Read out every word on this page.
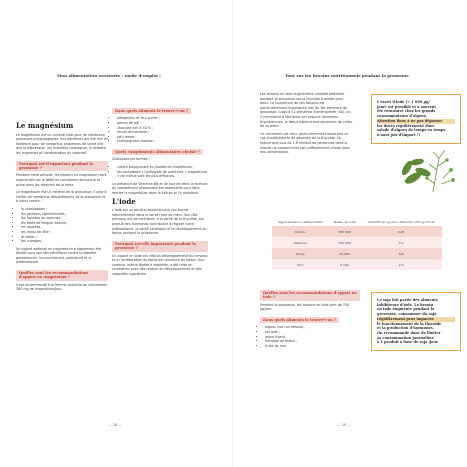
Mon alimentation encréatée : mode d'emploi !
Le magnésium

Le magnésium est un minéral vital pour de nombreux processus physiologiques. Ses bénéfices ont été mis en évidence pour de nombreux problèmes de santé tels que la dépression, les maladies cardiaques, le diabète, les migraines et l'amélioration du sommeil.

Pourquoi est-il important pendant la grossesse ?

Pendant cette période, les besoins en magnésium sont augmentés car le bébé en consomme beaucoup et puise dans les réserves de la mère.

Le magnésium est LE minéral de la grossesse, il aide à limiter de nombreux désagréments de la grossesse et à lutter contre :

• la constipation ;
• les douleurs ligamentaires ;
• les troubles du sommeil ;
• les états de fatigue intense ;
• les nausées ;
• les maux de tête ;
• le stress ;
• les crampes.

Un apport adéquat en magnésium a également été étudié pour son rôle bénéfique contre le diabète gestationnel, l'accouchement prématuré et la prééclampsie.

Quelles sont les recommandations d'apport en magnésium ?

Il est recommandé à la femme enceinte de consommer 300 mg de magnésium/jour.

Dans quels aliments le trouve-t-on ?
• oléagineux et leur purée ;
• germe de blé ;
• chocolat noir à 70 % ;
• levure alimentaire ;
• tofu ferme ;
• champignons chaman.
Quels compléments alimentaires choisir ?

Choisissez-les formes :

• citrate bisglycinate ou malate de magnésium ;
• les complexes « hydrolysat de protéines » magnésium » car mieux sont les plus efficaces.

La présence de Vitamine B6 et de taurine dans la formule du complément alimentaire est essentielle pour faire rentrer le magnésium dans la cellule et l'y maintenir.

L'iode

L'iode est un minéral essentiel que l'on trouve naturellement dans le sol et l'eau de mers. Son rôle principal est de contribuer à la santé de la thyroïde, qui produit des hormones contribuant à réguler notre métabolisme, la santé cardiaque et le développement du fœtus pendant la grossesse.

Pourquoi est-elle importante pendant la grossesse ?

Un apport en iode est vital au développement du cerveau et à l'amélioration du poids de naissance du fœtus. Une carence, même légère à modérée, a été mise en corrélation avec des retards du développement et des capacités cognitives.

— 28 —
Tout sur les besoins nutritionnels pendant la grossesse

Les besoins en iode augmentent considérablement pendant la grossesse car la thyroïde travaille pour deux. La couverture de ces besoins est particulièrement importante lors du 1er trimestre de grossesse, jusqu'à 12 semaines d'aménorrhée (SA), où il commence à fabriquer ses propres hormones thyroïdiennes, le fœtus dépend exclusivement de celles de sa mère.

Ce cutrement est donc particulièrement important en cas d'antécédents de désordre de la thyroïde. On estime que plus de 1,8 milliard de personnes dans le monde ne consomment pas suffisamment d'iode dans leur alimentation.

L'excès d'iode (> 1 000 µg/
jour) est possible et a souvent
été rencontré chez les grands
consommateurs d'algues.
Attention donc à ne pas dépasser
les doses régulièrement dans
salade d'algues de temps en temps
n'aura pas d'impact !)
Algue séchée ou déshydratée	Teneur en iode	Quantité (en g) pour atteindre 150 µg d'iode
Kombu	300 000	0,05
Wakame	150 000	0,1
Dulse	33 000	0,6
Nori	5 100	2,9
Quelles sont les recommandations d'apport en iode ?

Pendant la grossesse, les besoins en iode sont de 250 µg/jour.

Dans quels aliments le trouve-t-on ?
• algues (nori ou dessus) ;
• sel iodé ;
• jaune d'œuf ;
• fromage de brebis ;
• fruits de mer.
Le soja fait partie des aliments
inhibiteurs d'iode. Le besoin
en iode augmente pendant la
grossesse, consommer du soja
régulièrement peut impacter
le fonctionnement de la thyroïde
et la production d'hormones.
On recommande donc de limiter
sa consommation journalière
à 1 produit à base de soja /jour.
— 29 —
